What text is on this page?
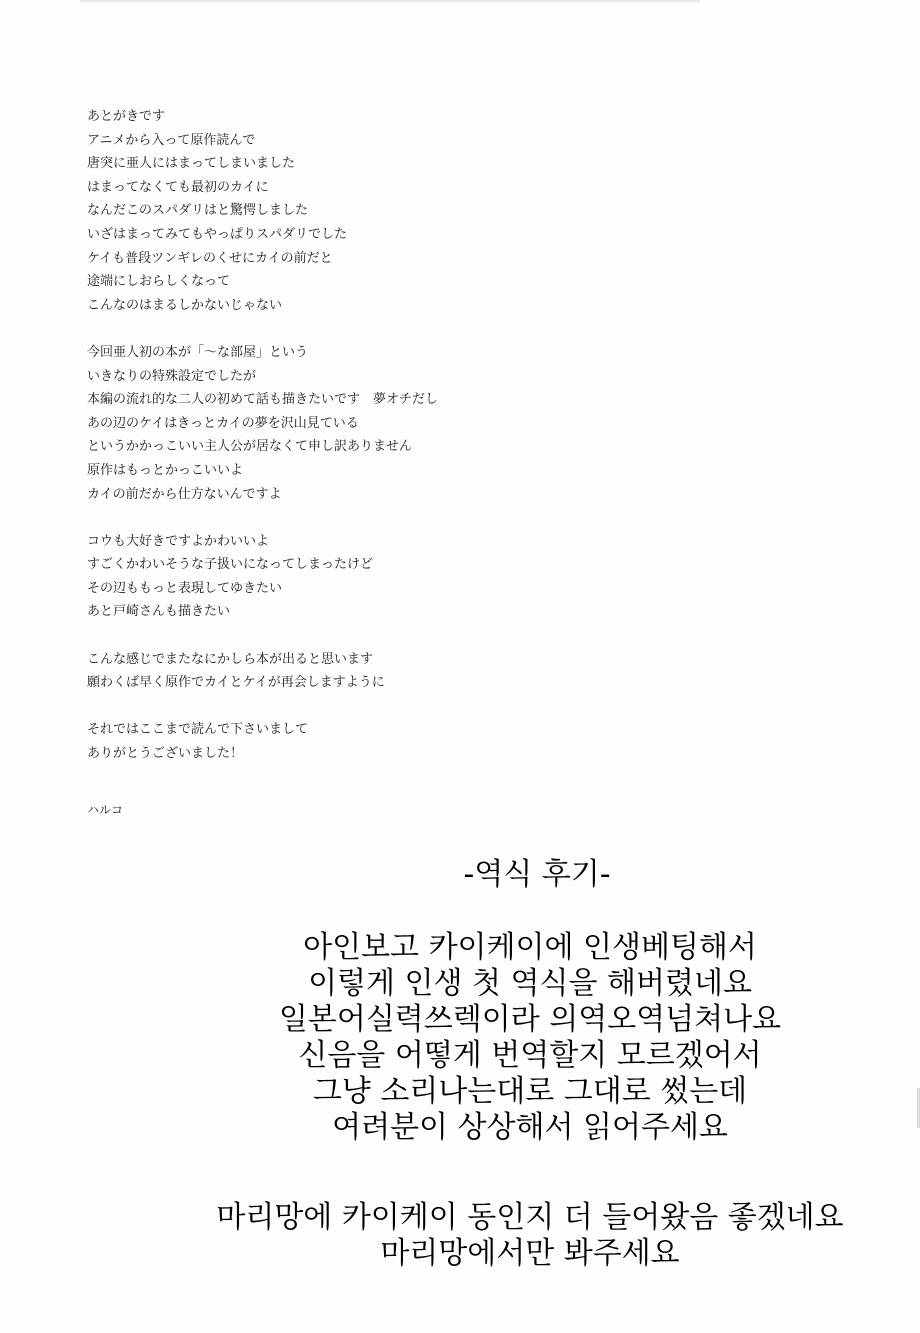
あとがきです
アニメから入って原作読んで
唐突に亜人にはまってしまいました
はまってなくても最初のカイに
なんだこのスパダリはと驚愕しました
いざはまってみてもやっぱりスパダリでした
ケイも普段ツンギレのくせにカイの前だと
途端にしおらしくなって
こんなのはまるしかないじゃない
今回亜人初の本が「〜な部屋」という
いきなりの特殊設定でしたが
本編の流れ的な二人の初めて話も描きたいです　夢オチだし
あの辺のケイはきっとカイの夢を沢山見ている
というかかっこいい主人公が居なくて申し訳ありません
原作はもっとかっこいいよ
カイの前だから仕方ないんですよ
コウも大好きですよかわいいよ
すごくかわいそうな子扱いになってしまったけど
その辺ももっと表現してゆきたい
あと戸崎さんも描きたい
こんな感じでまたなにかしら本が出ると思います
願わくば早く原作でカイとケイが再会しますように
それではここまで読んで下さいまして
ありがとうございました！
ハルコ
-역식 후기-
아인보고 카이케이에 인생베팅해서
이렇게 인생 첫 역식을 해버렸네요
일본어실력쓰렉이라 의역오역넘쳐나요
신음을 어떻게 번역할지 모르겠어서
그냥 소리나는대로 그대로 썼는데
여려분이 상상해서 읽어주세요
마리망에 카이케이 동인지 더 들어왔음 좋겠네요
마리망에서만 봐주세요
